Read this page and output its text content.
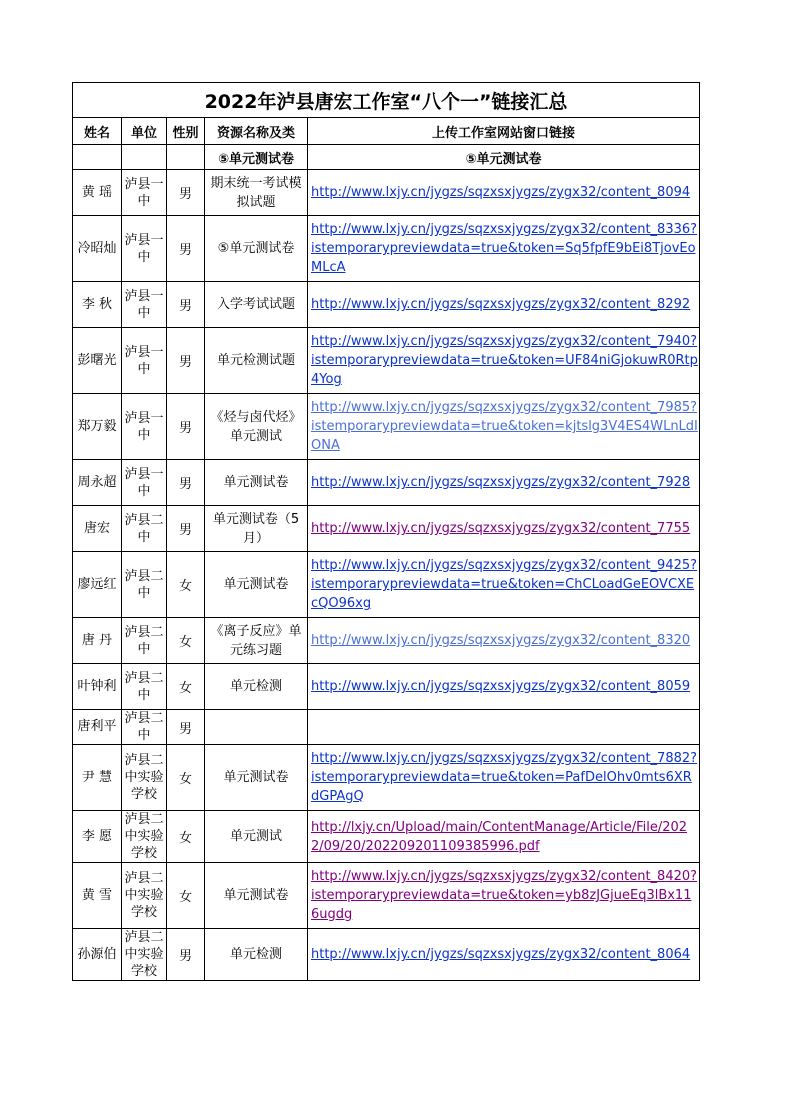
2022年泸县唐宏工作室“八个一”链接汇总				
姓名	单位	性别	资源名称及类	上传工作室网站窗口链接
			⑤单元测试卷	⑤单元测试卷
黄 瑶	泸县一中	男	期末统一考试模拟试题	http://www.lxjy.cn/jygzs/sqzxsxjygzs/zygx32/content_8094
冷昭灿	泸县一中	男	⑤单元测试卷	http://www.lxjy.cn/jygzs/sqzxsxjygzs/zygx32/content_8336?istemporarypreviewdata=true&token=Sq5fpfE9bEi8TjovEoMLcA
李 秋	泸县一中	男	入学考试试题	http://www.lxjy.cn/jygzs/sqzxsxjygzs/zygx32/content_8292
彭曙光	泸县一中	男	单元检测试题	http://www.lxjy.cn/jygzs/sqzxsxjygzs/zygx32/content_7940?istemporarypreviewdata=true&token=UF84niGjokuwR0Rtp4Yog
郑万毅	泸县一中	男	《烃与卤代烃》单元测试	http://www.lxjy.cn/jygzs/sqzxsxjygzs/zygx32/content_7985?istemporarypreviewdata=true&token=kjtslg3V4ES4WLnLdIONA
周永超	泸县一中	男	单元测试卷	http://www.lxjy.cn/jygzs/sqzxsxjygzs/zygx32/content_7928
唐宏	泸县二中	男	单元测试卷（5月）	http://www.lxjy.cn/jygzs/sqzxsxjygzs/zygx32/content_7755
廖远红	泸县二中	女	单元测试卷	http://www.lxjy.cn/jygzs/sqzxsxjygzs/zygx32/content_9425?istemporarypreviewdata=true&token=ChCLoadGeEOVCXEcQO96xg
唐 丹	泸县二中	女	《离子反应》单元练习题	http://www.lxjy.cn/jygzs/sqzxsxjygzs/zygx32/content_8320
叶钟利	泸县二中	女	单元检测	http://www.lxjy.cn/jygzs/sqzxsxjygzs/zygx32/content_8059
唐利平	泸县二中	男		
尹 慧	泸县二中实验学校	女	单元测试卷	http://www.lxjy.cn/jygzs/sqzxsxjygzs/zygx32/content_7882?istemporarypreviewdata=true&token=PafDelOhv0mts6XRdGPAgQ
李 愿	泸县二中实验学校	女	单元测试	http://lxjy.cn/Upload/main/ContentManage/Article/File/2022/09/20/202209201109385996.pdf
黄 雪	泸县二中实验学校	女	单元测试卷	http://www.lxjy.cn/jygzs/sqzxsxjygzs/zygx32/content_8420?istemporarypreviewdata=true&token=yb8zJGjueEq3lBx116ugdg
孙源伯	泸县二中实验学校	男	单元检测	http://www.lxjy.cn/jygzs/sqzxsxjygzs/zygx32/content_8064
